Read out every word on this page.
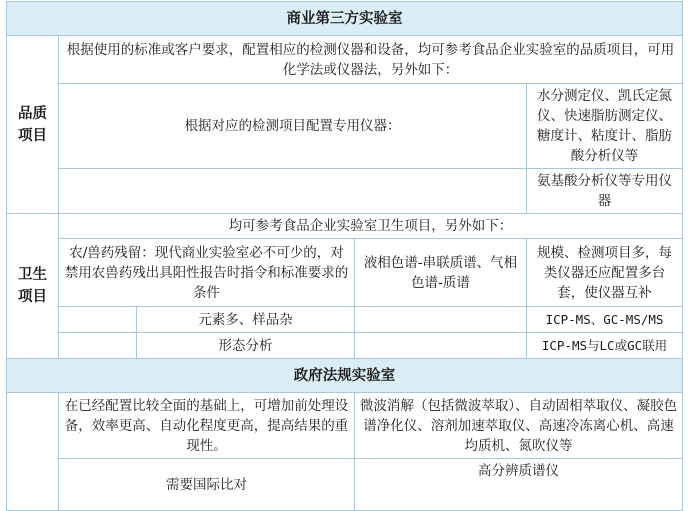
商业第三方实验室				
品质项目	根据使用的标准或客户要求，配置相应的检测仪器和设备，均可参考食品企业实验室的品质项目，可用化学法或仪器法，另外如下：			
	根据对应的检测项目配置专用仪器：			水分测定仪、凯氏定氮仪、快速脂肪测定仪、糖度计、粘度计、脂肪酸分析仪等
				氨基酸分析仪等专用仪器
卫生项目	均可参考食品企业实验室卫生项目，另外如下：			
	农/兽药残留：现代商业实验室必不可少的，对禁用农兽药残出具阳性报告时指令和标准要求的条件		液相色谱-串联质谱、气相色谱-质谱	规模、检测项目多，每类仪器还应配置多台套，使仪器互补
		元素多、样品杂		ICP-MS、GC-MS/MS
		形态分析		ICP-MS与LC或GC联用
政府法规实验室				
	在已经配置比较全面的基础上，可增加前处理设备，效率更高、自动化程度更高，提高结果的重现性。		微波消解（包括微波萃取）、自动固相萃取仪、凝胶色谱净化仪、溶剂加速萃取仪、高速冷冻离心机、高速均质机、氮吹仪等	
	需要国际比对		高分辨质谱仪	
